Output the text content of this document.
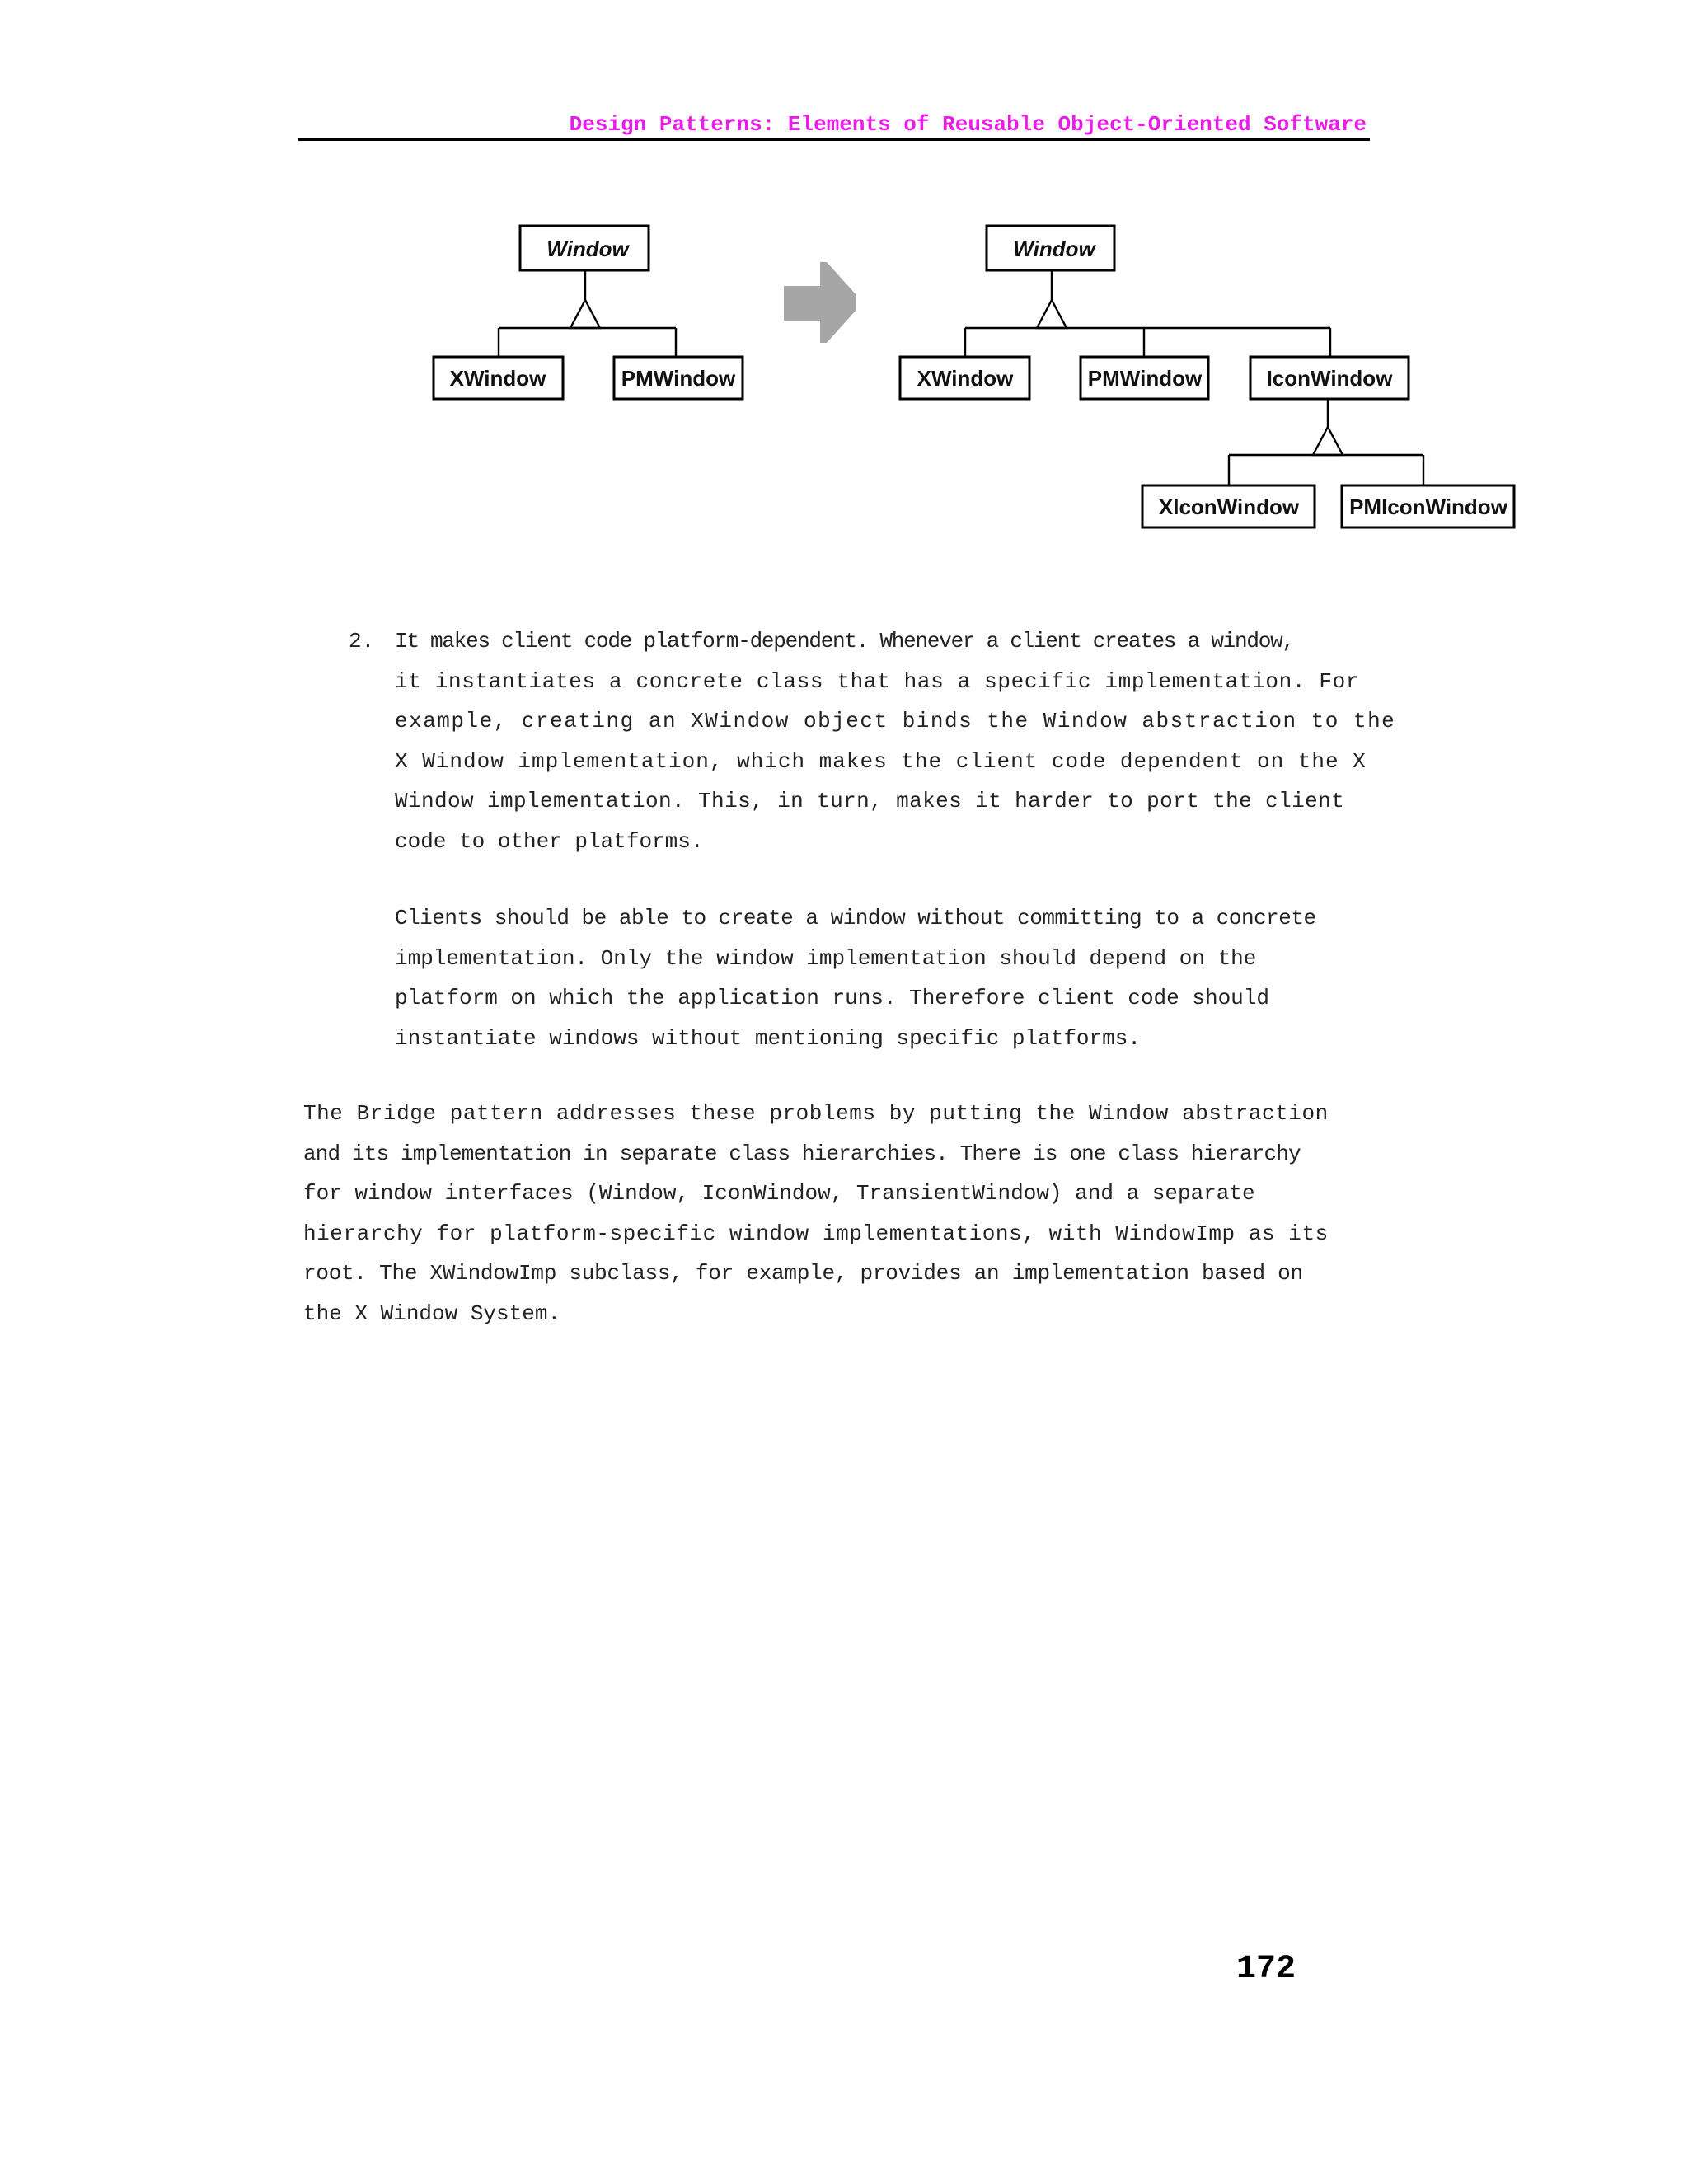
Design Patterns: Elements of Reusable Object-Oriented Software
Window
XWindow	PMWindow
Window
XWindow	PMWindow	IconWindow
XIconWindow PMIconWindow
2. It makes client code platform-dependent. Whenever a client creates a window,
it instantiates a concrete class that has a specific implementation. For
example, creating an XWindow object binds the Window abstraction to the
X Window implementation, which makes the client code dependent on the X
Window implementation. This, in turn, makes it harder to port the client
code to other platforms.
Clients should be able to create a window without committing to a concrete
implementation. Only the window implementation should depend on the
platform on which the application runs. Therefore client code should
instantiate windows without mentioning specific platforms.
The Bridge pattern addresses these problems by putting the Window abstraction
and its implementation in separate class hierarchies. There is one class hierarchy
for window interfaces (Window, IconWindow, TransientWindow) and a separate
hierarchy for platform-specific window implementations, with WindowImp as its
root. The XWindowImp subclass, for example, provides an implementation based on
the X Window System.
172
